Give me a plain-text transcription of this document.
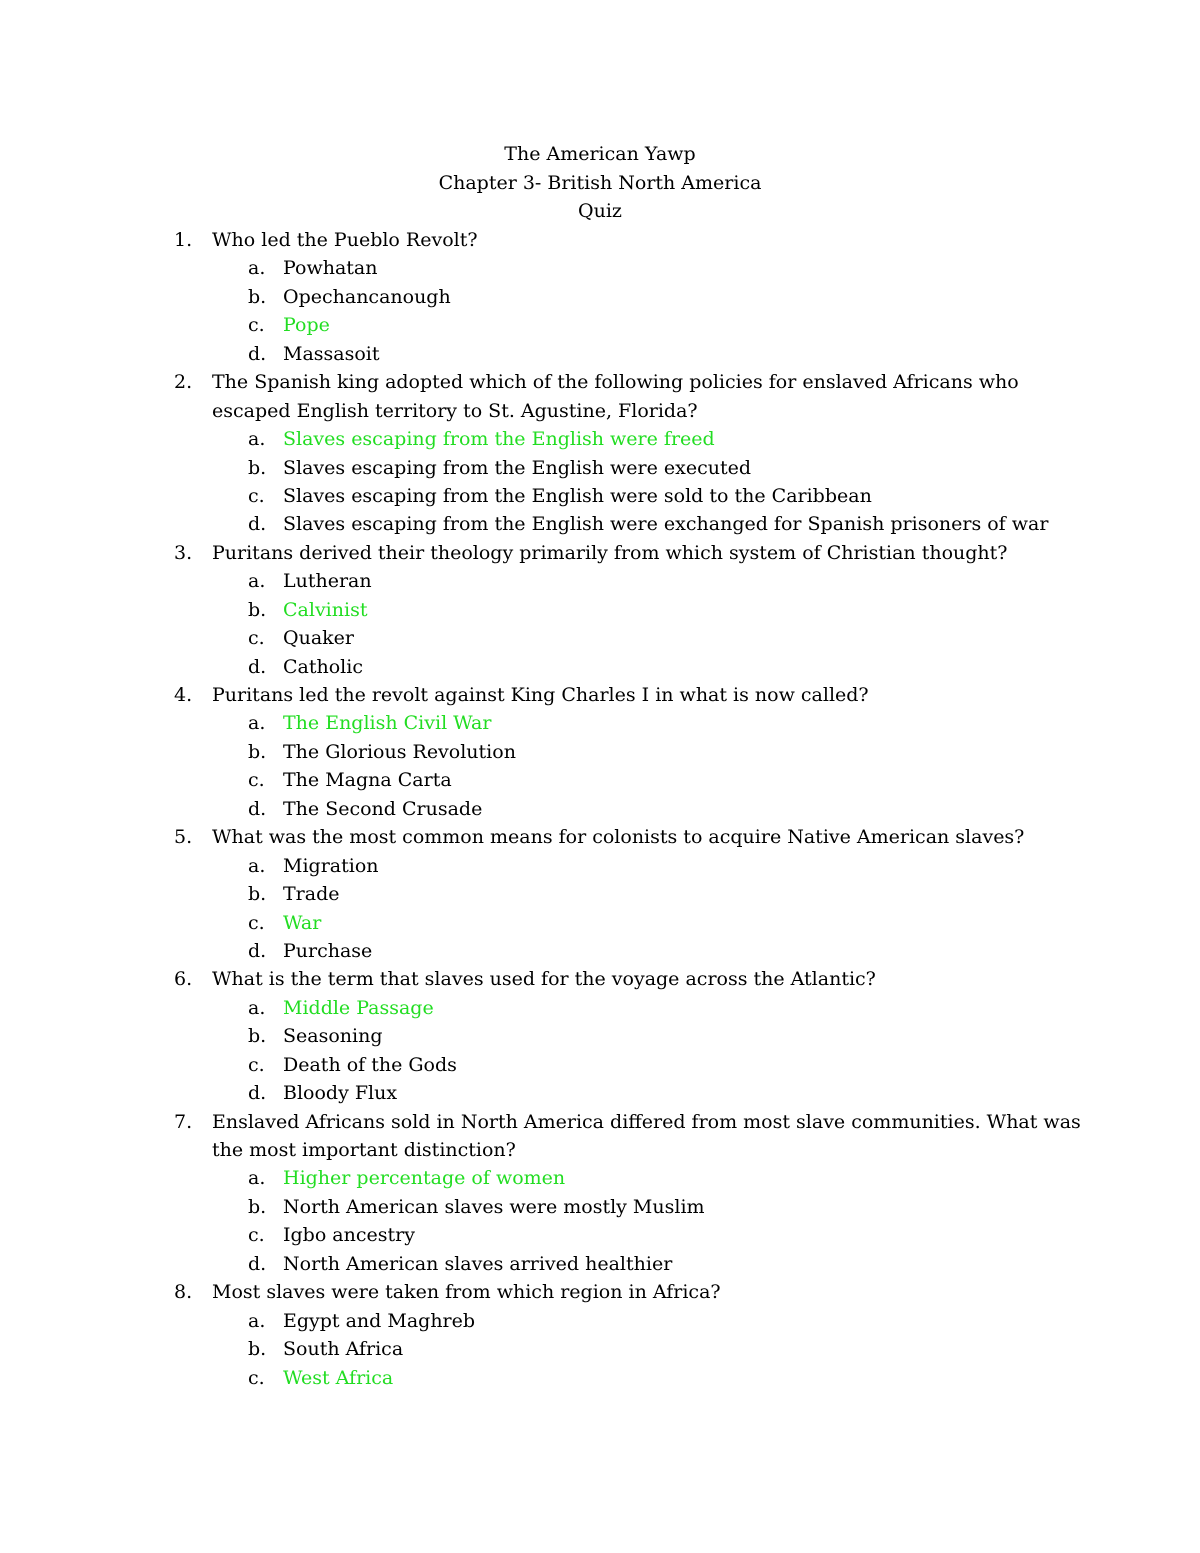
The American Yawp
Chapter 3- British North America
Quiz
1. Who led the Pueblo Revolt?
a. Powhatan
b. Opechancanough
c. Pope
d. Massasoit
2. The Spanish king adopted which of the following policies for enslaved Africans who escaped English territory to St. Agustine, Florida?
a. Slaves escaping from the English were freed
b. Slaves escaping from the English were executed
c. Slaves escaping from the English were sold to the Caribbean
d. Slaves escaping from the English were exchanged for Spanish prisoners of war
3. Puritans derived their theology primarily from which system of Christian thought?
a. Lutheran
b. Calvinist
c. Quaker
d. Catholic
4. Puritans led the revolt against King Charles I in what is now called?
a. The English Civil War
b. The Glorious Revolution
c. The Magna Carta
d. The Second Crusade
5. What was the most common means for colonists to acquire Native American slaves?
a. Migration
b. Trade
c. War
d. Purchase
6. What is the term that slaves used for the voyage across the Atlantic?
a. Middle Passage
b. Seasoning
c. Death of the Gods
d. Bloody Flux
7. Enslaved Africans sold in North America differed from most slave communities. What was the most important distinction?
a. Higher percentage of women
b. North American slaves were mostly Muslim
c. Igbo ancestry
d. North American slaves arrived healthier
8. Most slaves were taken from which region in Africa?
a. Egypt and Maghreb
b. South Africa
c. West Africa
